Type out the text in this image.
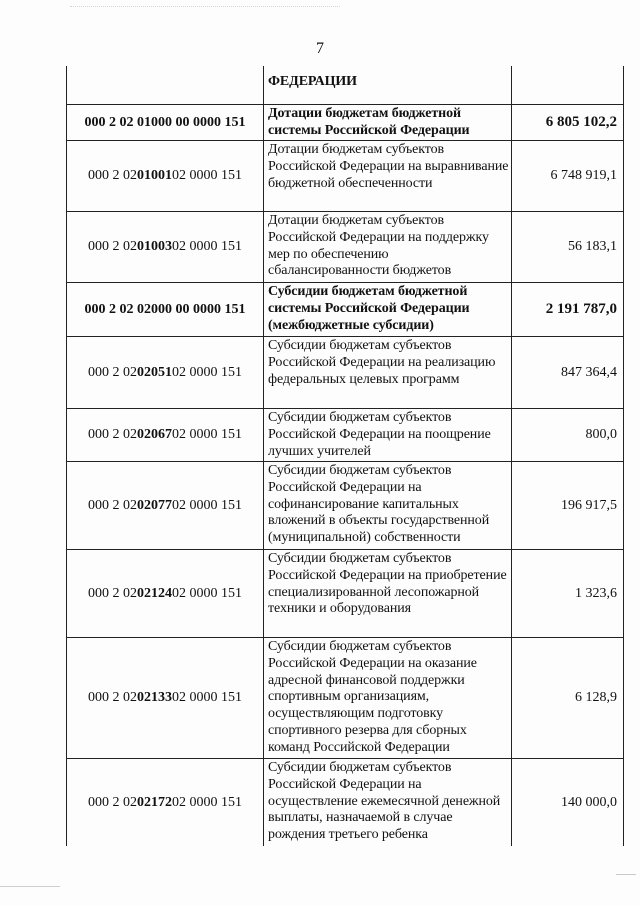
7
ФЕДЕРАЦИИ
000 2 02 01000 00 0000 151
Дотации бюджетам бюджетной системы Российской Федерации
6 805 102,2
000 2 02 01001 02 0000 151
Дотации бюджетам субъектов Российской Федерации на выравнивание бюджетной обеспеченности
6 748 919,1
000 2 02 01003 02 0000 151
Дотации бюджетам субъектов Российской Федерации на поддержку мер по обеспечению сбалансированности бюджетов
56 183,1
000 2 02 02000 00 0000 151
Субсидии бюджетам бюджетной системы Российской Федерации (межбюджетные субсидии)
2 191 787,0
000 2 02 02051 02 0000 151
Субсидии бюджетам субъектов Российской Федерации на реализацию федеральных целевых программ	847 364,4
000 2 02 02067 02 0000 151
Субсидии бюджетам субъектов Российской Федерации на поощрение лучших учителей
800,0
000 2 02 02077 02 0000 151
Субсидии бюджетам субъектов Российской Федерации на софинансирование капитальных вложений в объекты государственной (муниципальной) собственности
196 917,5
000 2 02 02124 02 0000 151
Субсидии бюджетам субъектов Российской Федерации на приобретение специализированной лесопожарной техники и оборудования
1 323,6
000 2 02 02133 02 0000 151
Субсидии бюджетам субъектов Российской Федерации на оказание адресной финансовой поддержки спортивным организациям, осуществляющим подготовку спортивного резерва для сборных команд Российской Федерации
6 128,9
000 2 02 02172 02 0000 151
Субсидии бюджетам субъектов Российской Федерации на осуществление ежемесячной денежной выплаты, назначаемой в случае рождения третьего ребенка
140 000,0
